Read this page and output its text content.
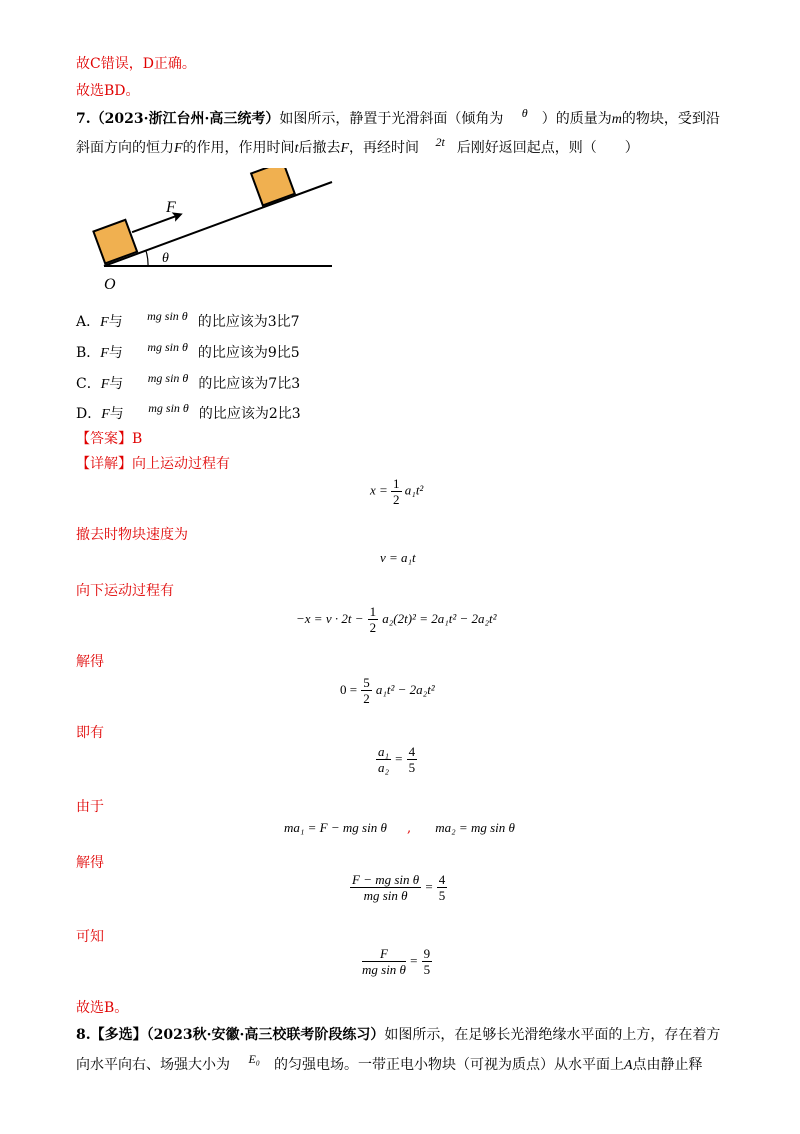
故C错误，D正确。
故选BD。
7.（2023·浙江台州·高三统考）如图所示，静置于光滑斜面（倾角为 θ ）的质量为m的物块，受到沿
斜面方向的恒力F的作用，作用时间t后撤去F，再经时间 2t 后刚好返回起点，则（　　）
F
O
θ
A．F与 mg sin θ 的比应该为3比7
B．F与 mg sin θ 的比应该为9比5
C．F与 mg sin θ 的比应该为7比3
D．F与 mg sin θ 的比应该为2比3
【答案】B
【详解】向上运动过程有
$x = \frac{1}{2} a_1t^2$
撤去时物块速度为
v = a₁t
向下运动过程有
$-x = v \cdot 2t - \frac{1}{2} a_2(2t)^2 = 2a_1t^2 - 2a_2t^2$
解得
$0 = \frac{5}{2} a_1t^2 - 2a_2t^2$
即有
$\frac{\text{a₁}}{\text{a₂}} = \frac{4}{5}$
由于
ma₁ = F − mg sin θ , ma₂ = mg sin θ
解得
$\frac{\text{F − mg sin θ}}{\text{mg sin θ}} = \frac{4}{5}$
可知
$\frac{F}{\text{mg sin θ}} = \frac{9}{5}$
故选B。
8.【多选】（2023秋·安徽·高三校联考阶段练习）如图所示，在足够长光滑绝缘水平面的上方，存在着方
向水平向右、场强大小为 E₀ 的匀强电场。一带正电小物块（可视为质点）从水平面上A点由静止释
